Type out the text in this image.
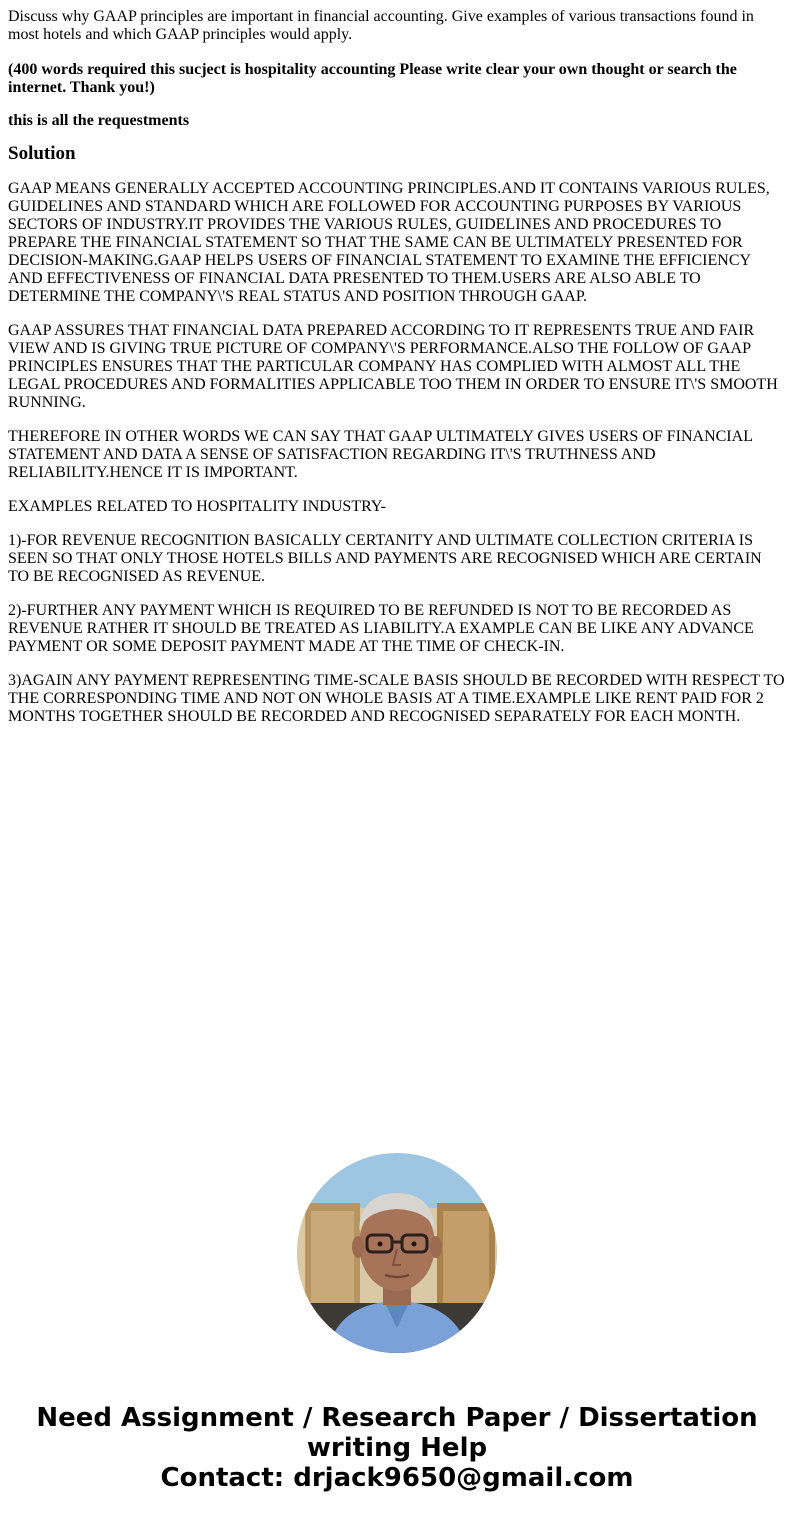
Discuss why GAAP principles are important in financial accounting. Give examples of various transactions found in most hotels and which GAAP principles would apply.

(400 words required this sucject is hospitality accounting Please write clear your own thought or search the internet. Thank you!)

this is all the requestments

Solution

GAAP MEANS GENERALLY ACCEPTED ACCOUNTING PRINCIPLES.AND IT CONTAINS VARIOUS RULES, GUIDELINES AND STANDARD WHICH ARE FOLLOWED FOR ACCOUNTING PURPOSES BY VARIOUS SECTORS OF INDUSTRY.IT PROVIDES THE VARIOUS RULES, GUIDELINES AND PROCEDURES TO PREPARE THE FINANCIAL STATEMENT SO THAT THE SAME CAN BE ULTIMATELY PRESENTED FOR DECISION-MAKING.GAAP HELPS USERS OF FINANCIAL STATEMENT TO EXAMINE THE EFFICIENCY AND EFFECTIVENESS OF FINANCIAL DATA PRESENTED TO THEM.USERS ARE ALSO ABLE TO DETERMINE THE COMPANY\'S REAL STATUS AND POSITION THROUGH GAAP.

GAAP ASSURES THAT FINANCIAL DATA PREPARED ACCORDING TO IT REPRESENTS TRUE AND FAIR VIEW AND IS GIVING TRUE PICTURE OF COMPANY\'S PERFORMANCE.ALSO THE FOLLOW OF GAAP PRINCIPLES ENSURES THAT THE PARTICULAR COMPANY HAS COMPLIED WITH ALMOST ALL THE LEGAL PROCEDURES AND FORMALITIES APPLICABLE TOO THEM IN ORDER TO ENSURE IT\'S SMOOTH RUNNING.

THEREFORE IN OTHER WORDS WE CAN SAY THAT GAAP ULTIMATELY GIVES USERS OF FINANCIAL STATEMENT AND DATA A SENSE OF SATISFACTION REGARDING IT\'S TRUTHNESS AND RELIABILITY.HENCE IT IS IMPORTANT.

EXAMPLES RELATED TO HOSPITALITY INDUSTRY-

1)-FOR REVENUE RECOGNITION BASICALLY CERTANITY AND ULTIMATE COLLECTION CRITERIA IS SEEN SO THAT ONLY THOSE HOTELS BILLS AND PAYMENTS ARE RECOGNISED WHICH ARE CERTAIN TO BE RECOGNISED AS REVENUE.

2)-FURTHER ANY PAYMENT WHICH IS REQUIRED TO BE REFUNDED IS NOT TO BE RECORDED AS REVENUE RATHER IT SHOULD BE TREATED AS LIABILITY.A EXAMPLE CAN BE LIKE ANY ADVANCE PAYMENT OR SOME DEPOSIT PAYMENT MADE AT THE TIME OF CHECK-IN.

3)AGAIN ANY PAYMENT REPRESENTING TIME-SCALE BASIS SHOULD BE RECORDED WITH RESPECT TO THE CORRESPONDING TIME AND NOT ON WHOLE BASIS AT A TIME.EXAMPLE LIKE RENT PAID FOR 2 MONTHS TOGETHER SHOULD BE RECORDED AND RECOGNISED SEPARATELY FOR EACH MONTH.

Need Assignment / Research Paper / Dissertation
writing Help
Contact: drjack9650@gmail.com
